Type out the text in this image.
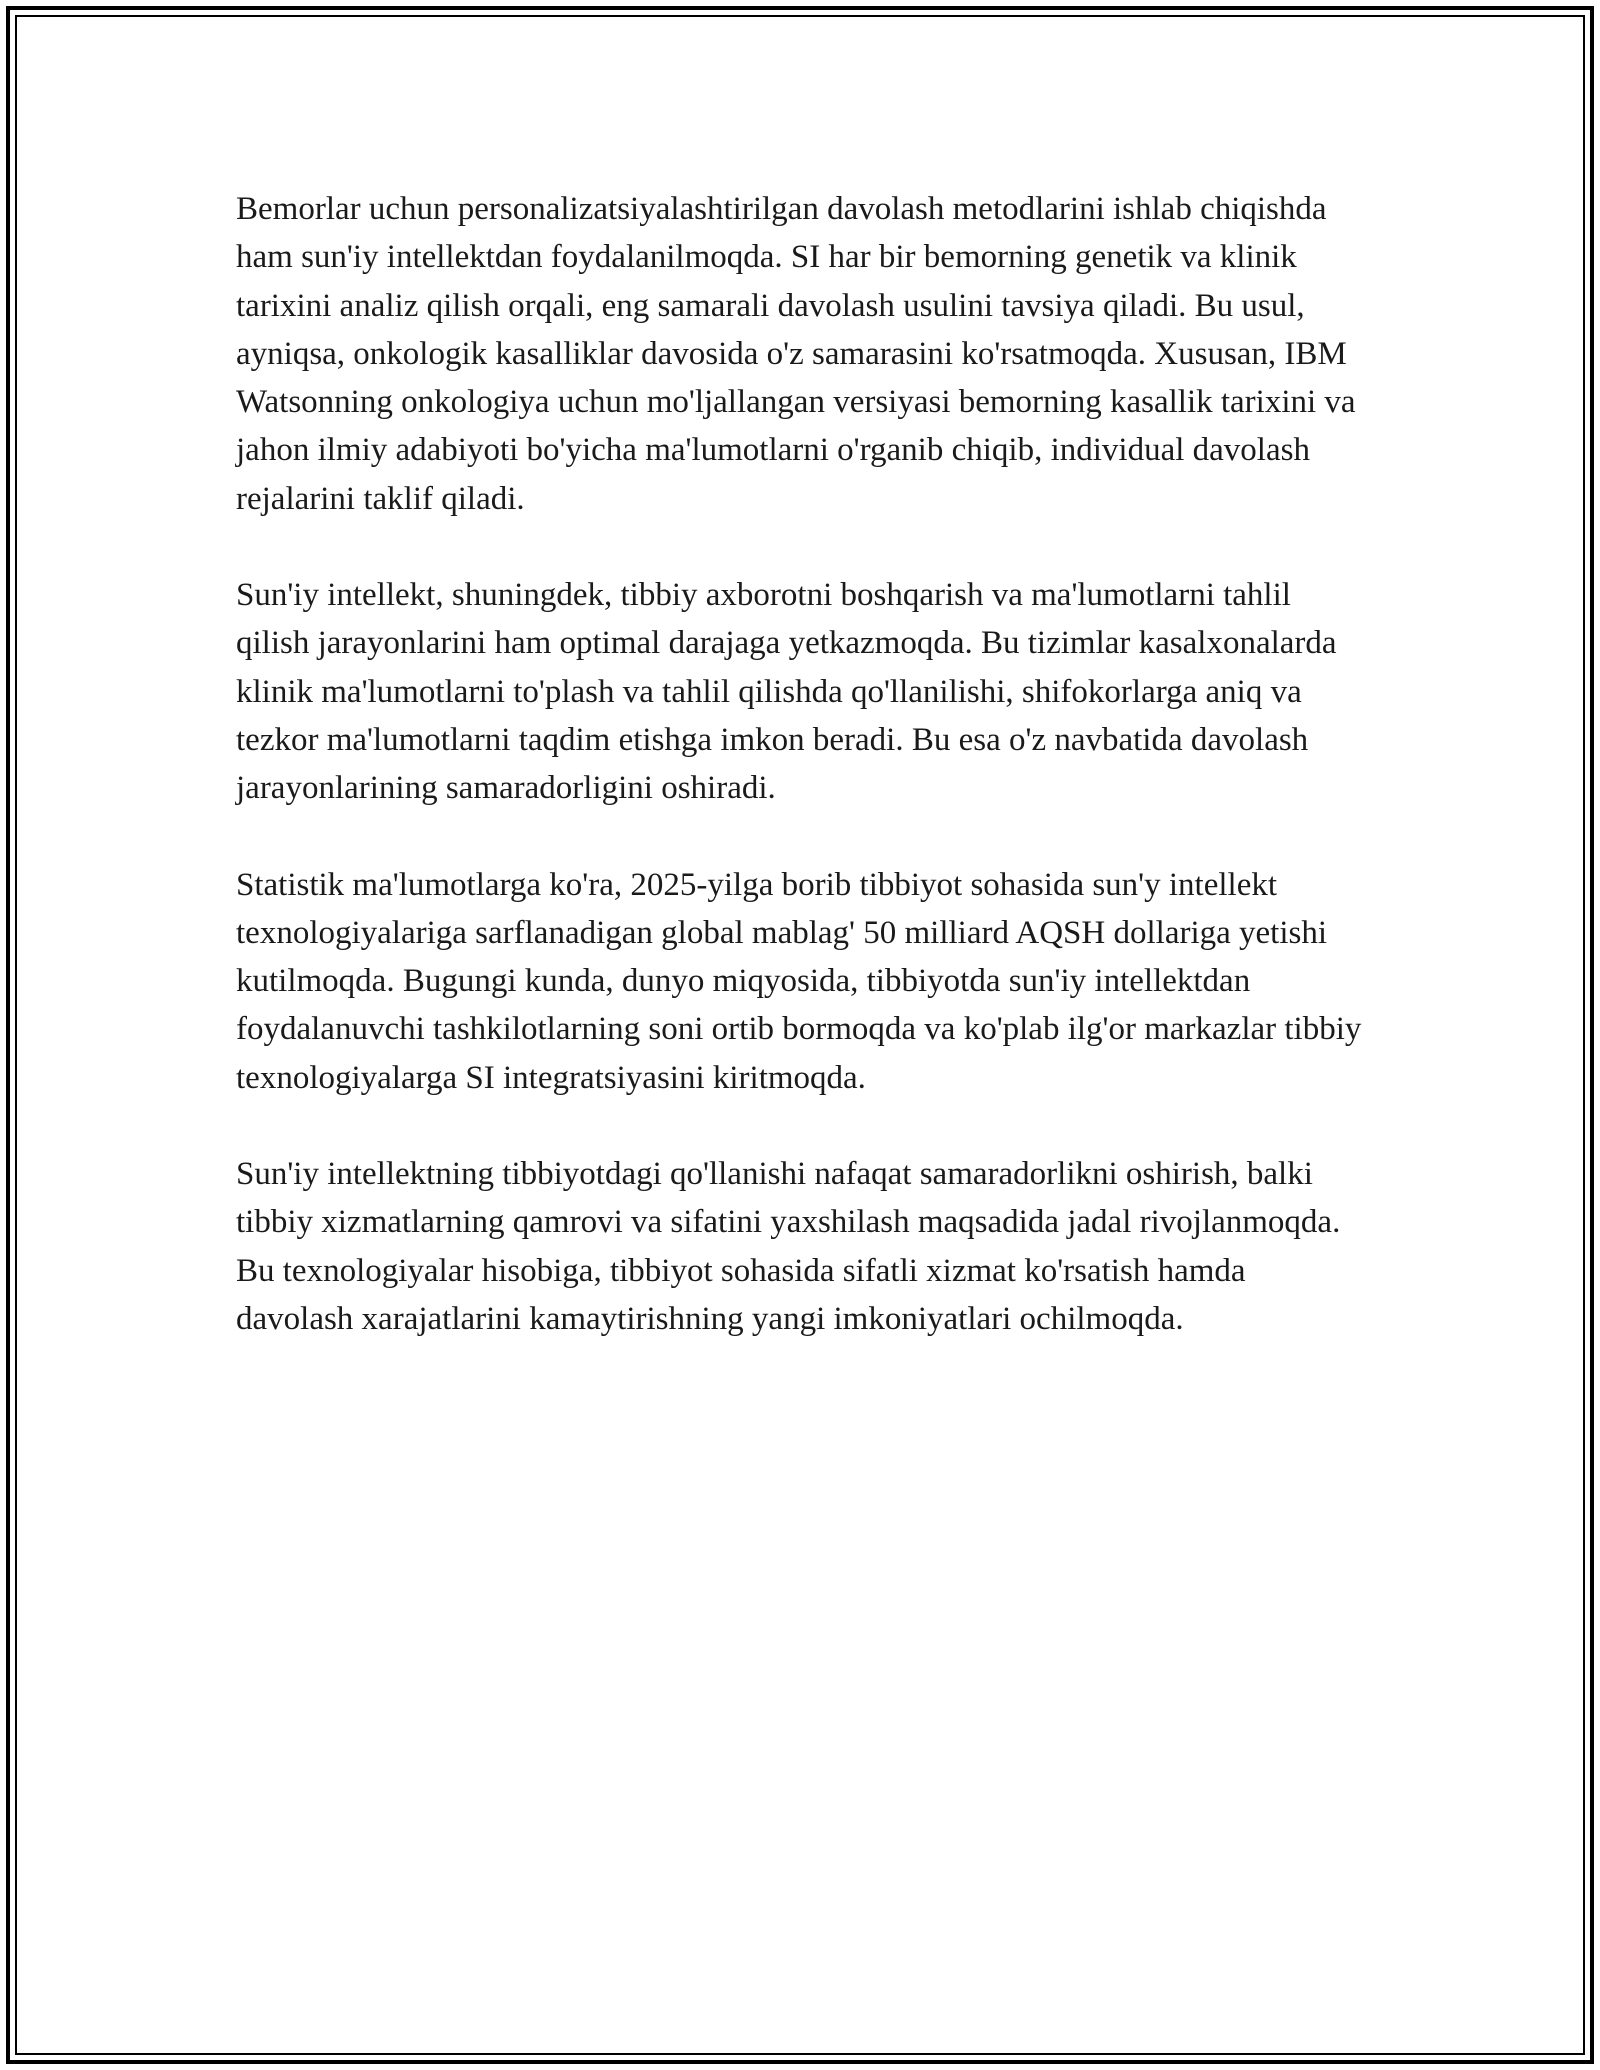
Bemorlar uchun personalizatsiyalashtirilgan davolash metodlarini ishlab chiqishda ham sun'iy intellektdan foydalanilmoqda. SI har bir bemorning genetik va klinik tarixini analiz qilish orqali, eng samarali davolash usulini tavsiya qiladi. Bu usul, ayniqsa, onkologik kasalliklar davosida o'z samarasini ko'rsatmoqda. Xususan, IBM Watsonning onkologiya uchun mo'ljallangan versiyasi bemorning kasallik tarixini va jahon ilmiy adabiyoti bo'yicha ma'lumotlarni o'rganib chiqib, individual davolash rejalarini taklif qiladi.

Sun'iy intellekt, shuningdek, tibbiy axborotni boshqarish va ma'lumotlarni tahlil qilish jarayonlarini ham optimal darajaga yetkazmoqda. Bu tizimlar kasalxonalarda klinik ma'lumotlarni to'plash va tahlil qilishda qo'llanilishi, shifokorlarga aniq va tezkor ma'lumotlarni taqdim etishga imkon beradi. Bu esa o'z navbatida davolash jarayonlarining samaradorligini oshiradi.

Statistik ma'lumotlarga ko'ra, 2025-yilga borib tibbiyot sohasida sun'y intellekt texnologiyalariga sarflanadigan global mablag' 50 milliard AQSH dollariga yetishi kutilmoqda. Bugungi kunda, dunyo miqyosida, tibbiyotda sun'iy intellektdan foydalanuvchi tashkilotlarning soni ortib bormoqda va ko'plab ilg'or markazlar tibbiy texnologiyalarga SI integratsiyasini kiritmoqda.

Sun'iy intellektning tibbiyotdagi qo'llanishi nafaqat samaradorlikni oshirish, balki tibbiy xizmatlarning qamrovi va sifatini yaxshilash maqsadida jadal rivojlanmoqda. Bu texnologiyalar hisobiga, tibbiyot sohasida sifatli xizmat ko'rsatish hamda davolash xarajatlarini kamaytirishning yangi imkoniyatlari ochilmoqda.
